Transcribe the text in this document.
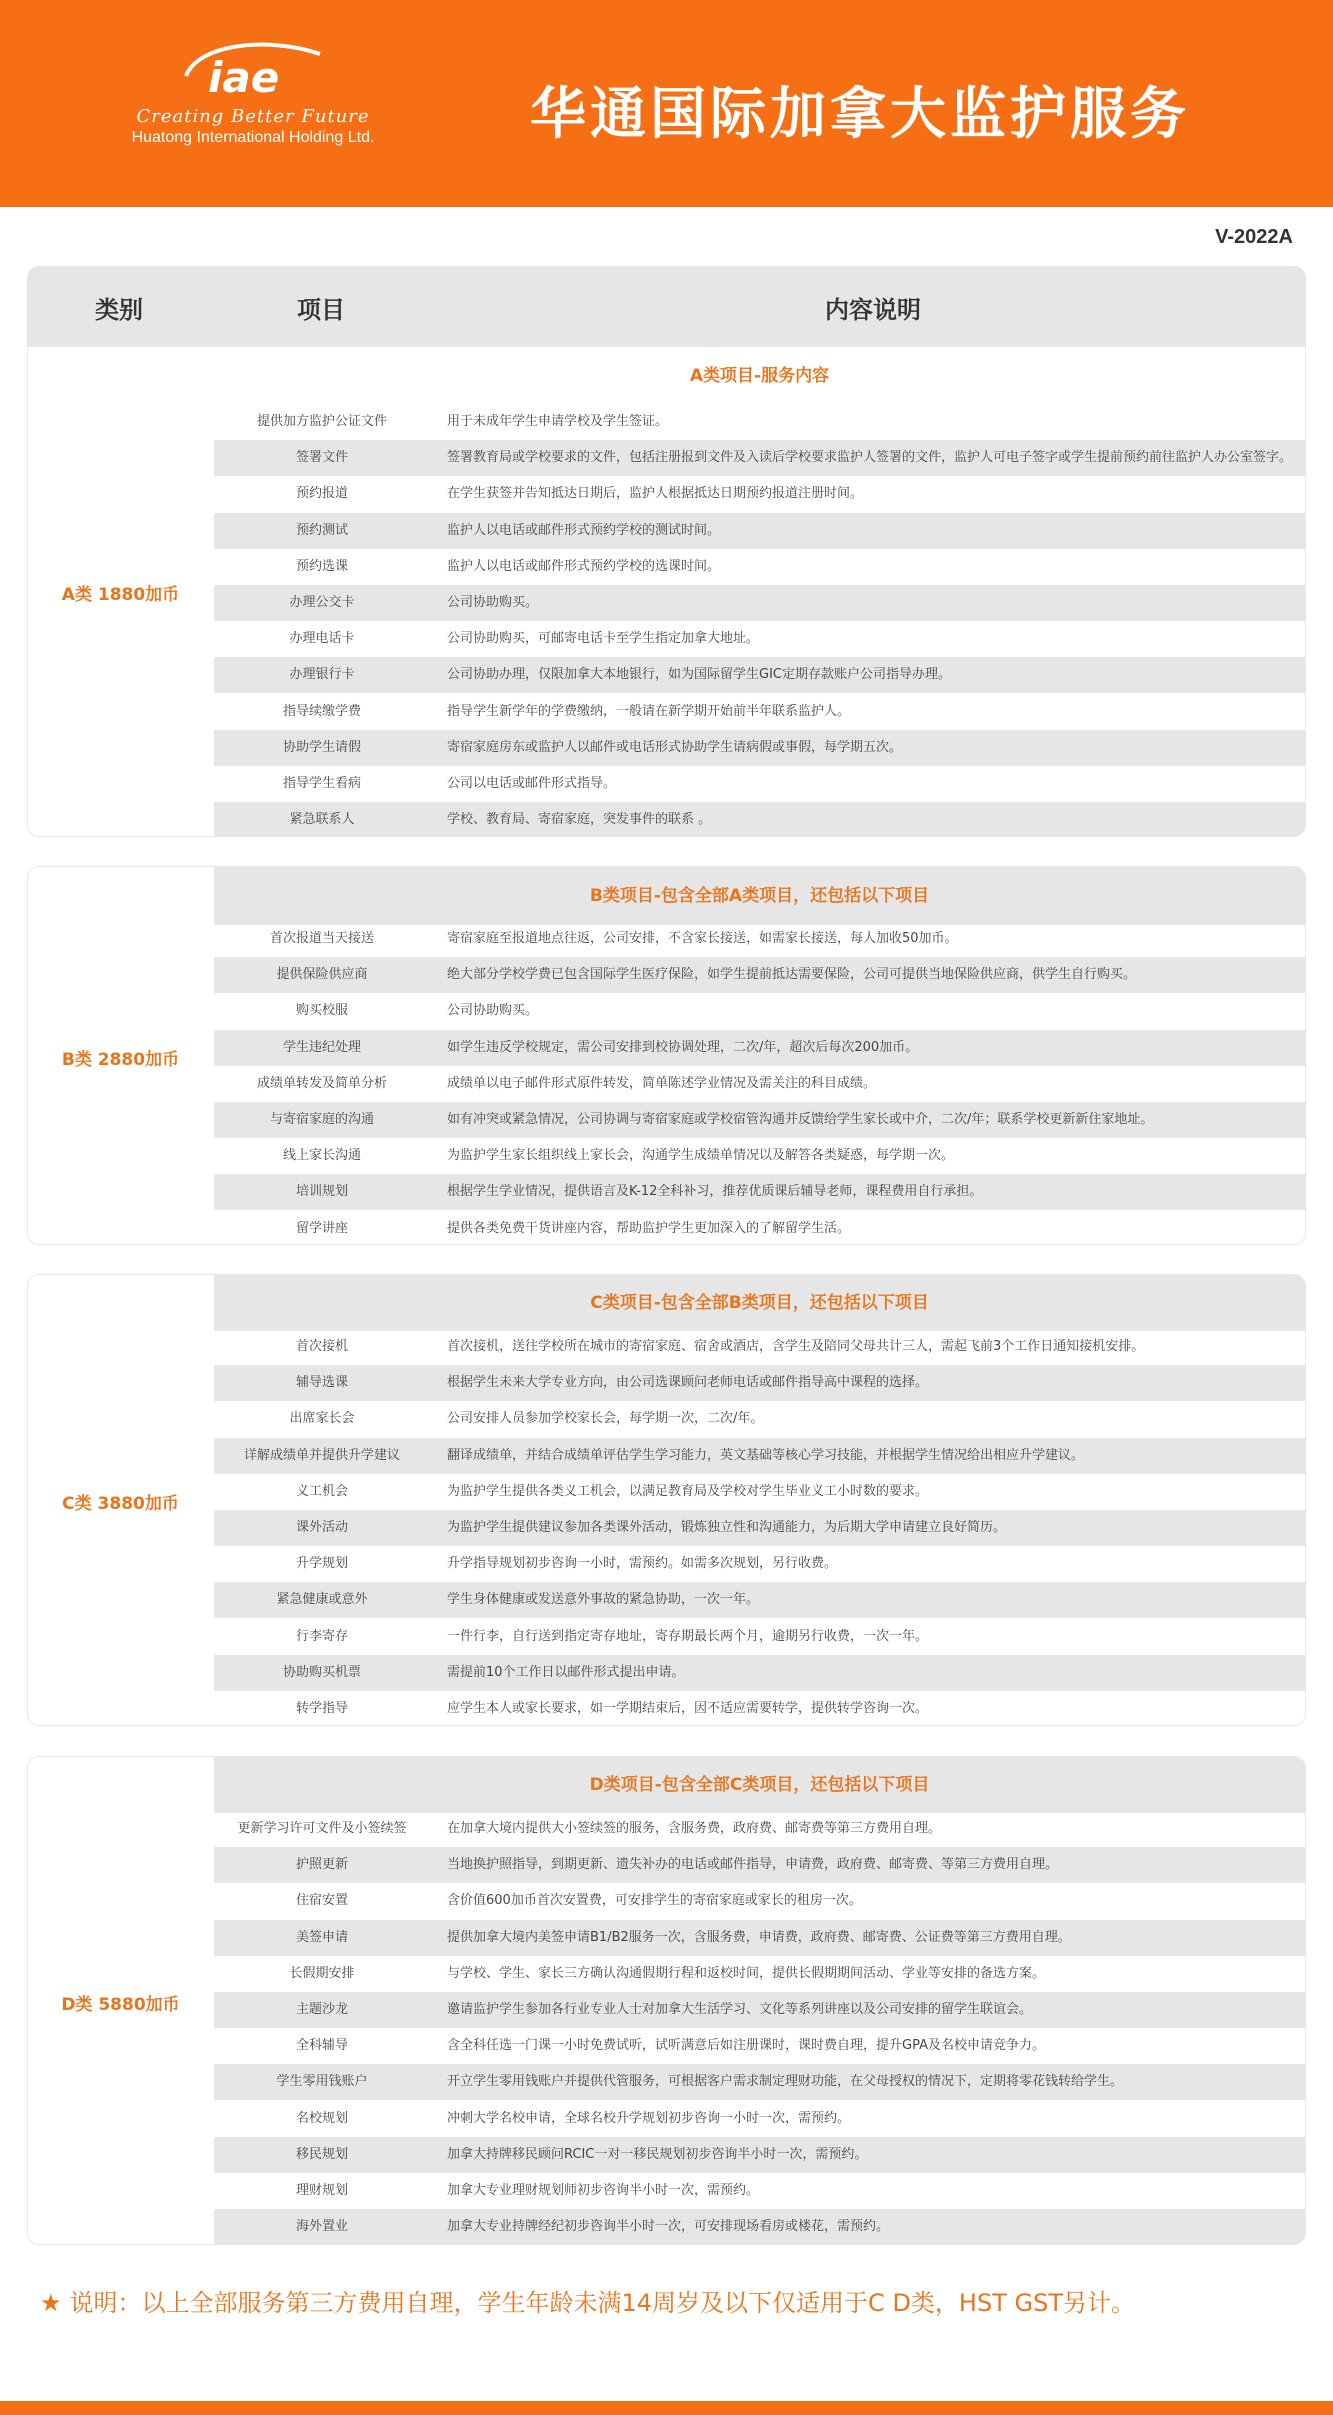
iae
Creating Better Future
Huatong International Holding Ltd.	华通国际加拿大监护服务
V-2022A
类别	项目	内容说明
A类项目-服务内容
A类 1880加币
提供加方监护公证文件	用于未成年学生申请学校及学生签证。
签署文件	签署教育局或学校要求的文件，包括注册报到文件及入读后学校要求监护人签署的文件，监护人可电子签字或学生提前预约前往监护人办公室签字。
预约报道	在学生获签并告知抵达日期后，监护人根据抵达日期预约报道注册时间。
预约测试	监护人以电话或邮件形式预约学校的测试时间。
预约选课	监护人以电话或邮件形式预约学校的选课时间。
办理公交卡	公司协助购买。
办理电话卡	公司协助购买，可邮寄电话卡至学生指定加拿大地址。
办理银行卡	公司协助办理，仅限加拿大本地银行，如为国际留学生GIC定期存款账户公司指导办理。
指导续缴学费	指导学生新学年的学费缴纳，一般请在新学期开始前半年联系监护人。
协助学生请假	寄宿家庭房东或监护人以邮件或电话形式协助学生请病假或事假，每学期五次。
指导学生看病	公司以电话或邮件形式指导。
紧急联系人	学校、教育局、寄宿家庭，突发事件的联系 。
B类项目-包含全部A类项目，还包括以下项目
B类 2880加币
首次报道当天接送	寄宿家庭至报道地点往返，公司安排，不含家长接送，如需家长接送，每人加收50加币。
提供保险供应商	绝大部分学校学费已包含国际学生医疗保险，如学生提前抵达需要保险，公司可提供当地保险供应商，供学生自行购买。
购买校服	公司协助购买。
学生违纪处理	如学生违反学校规定，需公司安排到校协调处理，二次/年，超次后每次200加币。
成绩单转发及简单分析	成绩单以电子邮件形式原件转发，简单陈述学业情况及需关注的科目成绩。
与寄宿家庭的沟通	如有冲突或紧急情况，公司协调与寄宿家庭或学校宿管沟通并反馈给学生家长或中介，二次/年；联系学校更新新住家地址。
线上家长沟通	为监护学生家长组织线上家长会，沟通学生成绩单情况以及解答各类疑惑，每学期一次。
培训规划	根据学生学业情况，提供语言及K-12全科补习，推荐优质课后辅导老师，课程费用自行承担。
留学讲座	提供各类免费干货讲座内容，帮助监护学生更加深入的了解留学生活。
C类项目-包含全部B类项目，还包括以下项目
C类 3880加币
首次接机	首次接机，送往学校所在城市的寄宿家庭、宿舍或酒店，含学生及陪同父母共计三人，需起飞前3个工作日通知接机安排。
辅导选课	根据学生未来大学专业方向，由公司选课顾问老师电话或邮件指导高中课程的选择。
出席家长会	公司安排人员参加学校家长会，每学期一次，二次/年。
详解成绩单并提供升学建议	翻译成绩单，并结合成绩单评估学生学习能力，英文基础等核心学习技能，并根据学生情况给出相应升学建议。
义工机会	为监护学生提供各类义工机会，以满足教育局及学校对学生毕业义工小时数的要求。
课外活动	为监护学生提供建议参加各类课外活动，锻炼独立性和沟通能力，为后期大学申请建立良好简历。
升学规划	升学指导规划初步咨询一小时，需预约。如需多次规划，另行收费。
紧急健康或意外	学生身体健康或发送意外事故的紧急协助，一次一年。
行李寄存	一件行李，自行送到指定寄存地址，寄存期最长两个月，逾期另行收费，一次一年。
协助购买机票	需提前10个工作日以邮件形式提出申请。
转学指导	应学生本人或家长要求，如一学期结束后，因不适应需要转学，提供转学咨询一次。
D类项目-包含全部C类项目，还包括以下项目
D类 5880加币
更新学习许可文件及小签续签	在加拿大境内提供大小签续签的服务，含服务费，政府费、邮寄费等第三方费用自理。
护照更新	当地换护照指导，到期更新、遗失补办的电话或邮件指导，申请费，政府费、邮寄费、等第三方费用自理。
住宿安置	含价值600加币首次安置费，可安排学生的寄宿家庭或家长的租房一次。
美签申请	提供加拿大境内美签申请B1/B2服务一次，含服务费，申请费，政府费、邮寄费、公证费等第三方费用自理。
长假期安排	与学校、学生、家长三方确认沟通假期行程和返校时间，提供长假期期间活动、学业等安排的备选方案。
主题沙龙	邀请监护学生参加各行业专业人士对加拿大生活学习、文化等系列讲座以及公司安排的留学生联谊会。
全科辅导	含全科任选一门课一小时免费试听，试听满意后如注册课时，课时费自理，提升GPA及名校申请竞争力。
学生零用钱账户	开立学生零用钱账户并提供代管服务，可根据客户需求制定理财功能，在父母授权的情况下，定期将零花钱转给学生。
名校规划	冲刺大学名校申请，全球名校升学规划初步咨询一小时一次，需预约。
移民规划	加拿大持牌移民顾问RCIC一对一移民规划初步咨询半小时一次，需预约。
理财规划	加拿大专业理财规划师初步咨询半小时一次，需预约。
海外置业	加拿大专业持牌经纪初步咨询半小时一次，可安排现场看房或楼花，需预约。
★ 说明：以上全部服务第三方费用自理，学生年龄未满14周岁及以下仅适用于C D类，HST GST另计。
